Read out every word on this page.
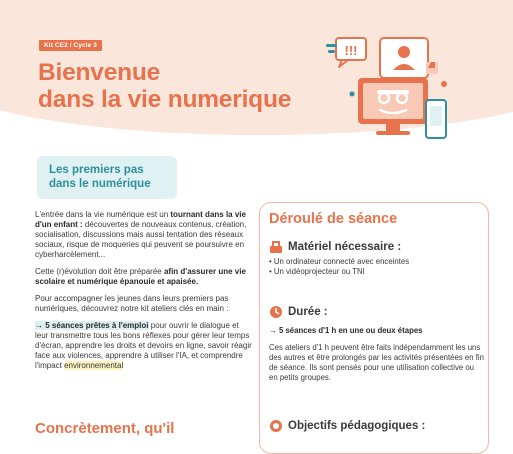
Kit CE2 / Cycle 3
Bienvenue
dans la vie numerique
!!!
Les premiers pas
dans le numérique

L'entrée dans la vie numérique est un tournant dans la vie d'un enfant : découvertes de nouveaux contenus, création, socialisation, discussions mais aussi tentation des réseaux sociaux, risque de moqueries qui peuvent se poursuivre en cyberharcèlement...

Cette (r)évolution doit être préparée afin d'assurer une vie scolaire et numérique épanouie et apaisée.

Pour accompagner les jeunes dans leurs premiers pas numériques, découvrez notre kit ateliers clés en main :

→ 5 séances prêtes à l'emploi pour ouvrir le dialogue et leur transmettre tous les bons réflexes pour gérer leur temps d'écran, apprendre les droits et devoirs en ligne, savoir réagir face aux violences, apprendre à utiliser l'IA, et comprendre l'impact environnemental

Concrètement, qu'il
Déroulé de séance
Matériel nécessaire :
• Un ordinateur connecté avec enceintes
• Un vidéoprojecteur ou TNI
Durée :
→ 5 séances d'1 h en une ou deux étapes
Ces ateliers d'1 h peuvent être faits indépendamment les uns des autres et être prolongés par les activités présentées en fin de séance. Ils sont pensés pour une utilisation collective ou en petits groupes.
Objectifs pédagogiques :
